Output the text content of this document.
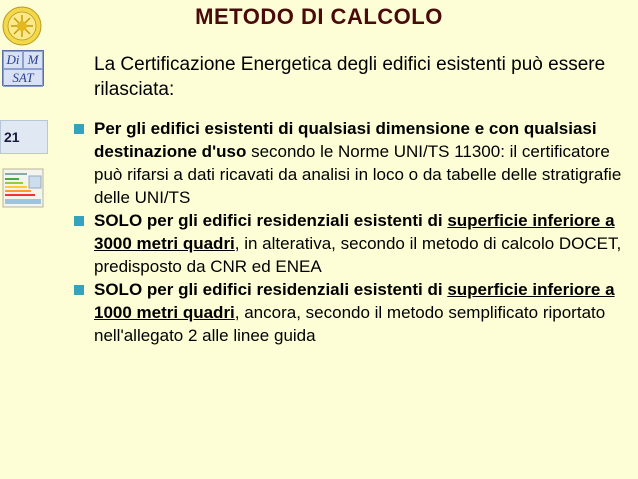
Di M
SAT
21
METODO DI CALCOLO
La Certificazione Energetica degli edifici esistenti può essere rilasciata:
Per gli edifici esistenti di qualsiasi dimensione e con qualsiasi destinazione d'uso secondo le Norme UNI/TS 11300: il certificatore può rifarsi a dati ricavati da analisi in loco o da tabelle delle stratigrafie delle UNI/TS
SOLO per gli edifici residenziali esistenti di superficie inferiore a 3000 metri quadri, in alterativa, secondo il metodo di calcolo DOCET, predisposto da CNR ed ENEA
SOLO per gli edifici residenziali esistenti di superficie inferiore a 1000 metri quadri, ancora, secondo il metodo semplificato riportato nell'allegato 2 alle linee guida
